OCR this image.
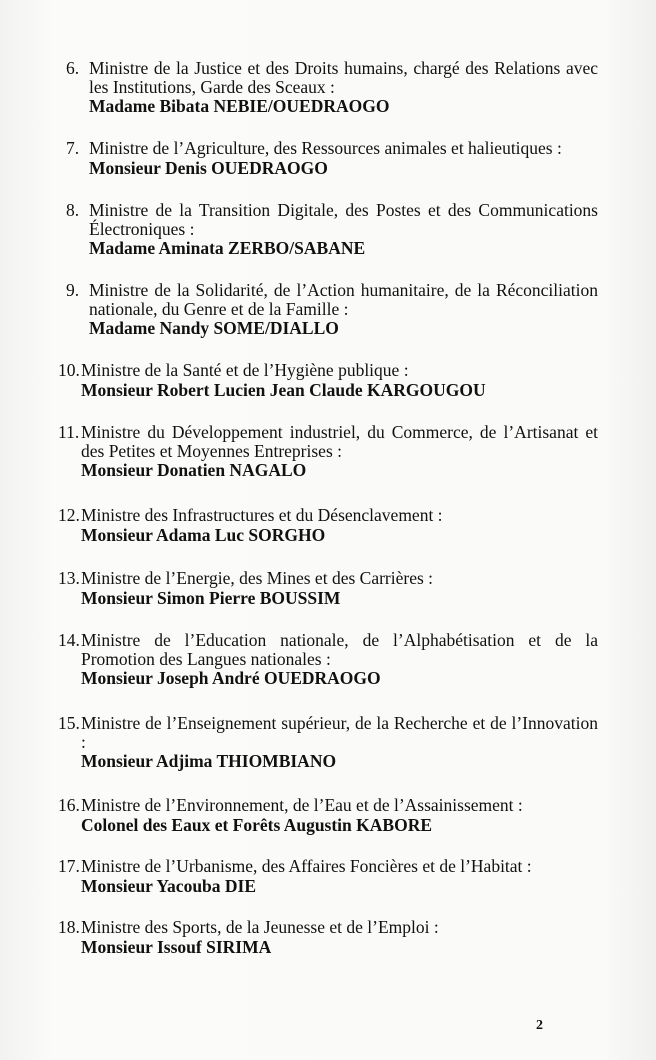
6. Ministre de la Justice et des Droits humains, chargé des Relations avec les Institutions, Garde des Sceaux :

Madame Bibata NEBIE/OUEDRAOGO

7. Ministre de l’Agriculture, des Ressources animales et halieutiques :

Monsieur Denis OUEDRAOGO

8. Ministre de la Transition Digitale, des Postes et des Communications Électroniques :

Madame Aminata ZERBO/SABANE

9. Ministre de la Solidarité, de l’Action humanitaire, de la Réconciliation nationale, du Genre et de la Famille :

Madame Nandy SOME/DIALLO

10. Ministre de la Santé et de l’Hygiène publique :

Monsieur Robert Lucien Jean Claude KARGOUGOU

11. Ministre du Développement industriel, du Commerce, de l’Artisanat et des Petites et Moyennes Entreprises :

Monsieur Donatien NAGALO

12. Ministre des Infrastructures et du Désenclavement :

Monsieur Adama Luc SORGHO

13. Ministre de l’Energie, des Mines et des Carrières :

Monsieur Simon Pierre BOUSSIM

14. Ministre de l’Education nationale, de l’Alphabétisation et de la Promotion des Langues nationales :

Monsieur Joseph André OUEDRAOGO

15. Ministre de l’Enseignement supérieur, de la Recherche et de l’Innovation :

Monsieur Adjima THIOMBIANO

16. Ministre de l’Environnement, de l’Eau et de l’Assainissement :

Colonel des Eaux et Forêts Augustin KABORE

17. Ministre de l’Urbanisme, des Affaires Foncières et de l’Habitat :

Monsieur Yacouba DIE

18. Ministre des Sports, de la Jeunesse et de l’Emploi :

Monsieur Issouf SIRIMA

2
